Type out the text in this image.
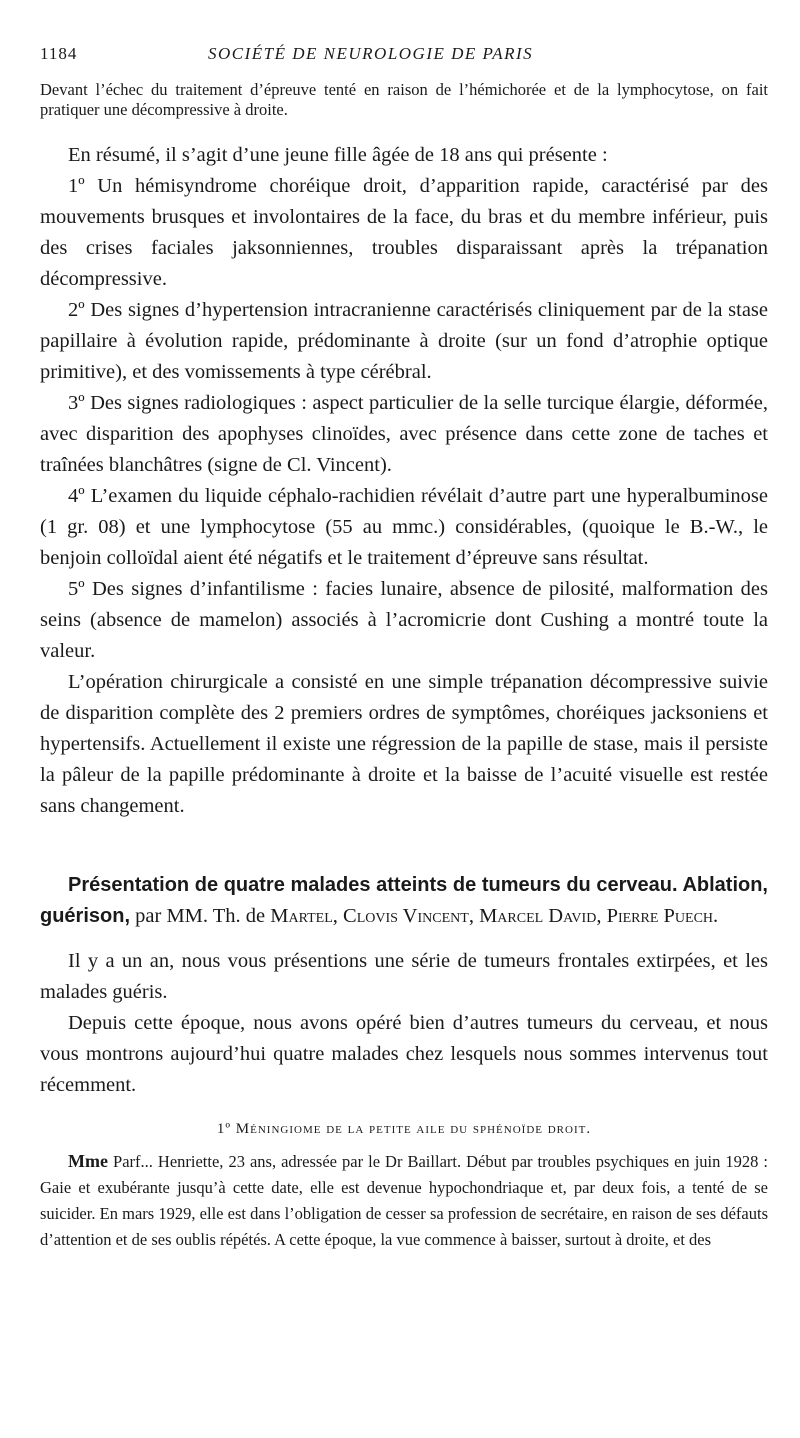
1184	SOCIÉTÉ DE NEUROLOGIE DE PARIS

Devant l’échec du traitement d’épreuve tenté en raison de l’hémichorée et de la lymphocytose, on fait pratiquer une décompressive à droite.

En résumé, il s’agit d’une jeune fille âgée de 18 ans qui présente :

1º Un hémisyndrome choréique droit, d’apparition rapide, caractérisé par des mouvements brusques et involontaires de la face, du bras et du membre inférieur, puis des crises faciales jaksonniennes, troubles disparaissant après la trépanation décompressive.

2º Des signes d’hypertension intracranienne caractérisés cliniquement par de la stase papillaire à évolution rapide, prédominante à droite (sur un fond d’atrophie optique primitive), et des vomissements à type cérébral.

3º Des signes radiologiques : aspect particulier de la selle turcique élargie, déformée, avec disparition des apophyses clinoïdes, avec présence dans cette zone de taches et traînées blanchâtres (signe de Cl. Vincent).

4º L’examen du liquide céphalo-rachidien révélait d’autre part une hyperalbuminose (1 gr. 08) et une lymphocytose (55 au mmc.) considérables, (quoique le B.-W., le benjoin colloïdal aient été négatifs et le traitement d’épreuve sans résultat.

5º Des signes d’infantilisme : facies lunaire, absence de pilosité, malformation des seins (absence de mamelon) associés à l’acromicrie dont Cushing a montré toute la valeur.

L’opération chirurgicale a consisté en une simple trépanation décompressive suivie de disparition complète des 2 premiers ordres de symptômes, choréiques jacksoniens et hypertensifs. Actuellement il existe une régression de la papille de stase, mais il persiste la pâleur de la papille prédominante à droite et la baisse de l’acuité visuelle est restée sans changement.

Présentation de quatre malades atteints de tumeurs du cerveau. Ablation, guérison, par MM. Th. de Martel, Clovis Vincent, Marcel David, Pierre Puech.

Il y a un an, nous vous présentions une série de tumeurs frontales extirpées, et les malades guéris.

Depuis cette époque, nous avons opéré bien d’autres tumeurs du cerveau, et nous vous montrons aujourd’hui quatre malades chez lesquels nous sommes intervenus tout récemment.

1º Méningiome de la petite aile du sphénoïde droit.

Mme Parf... Henriette, 23 ans, adressée par le Dr Baillart. Début par troubles psychiques en juin 1928 : Gaie et exubérante jusqu’à cette date, elle est devenue hypochondriaque et, par deux fois, a tenté de se suicider. En mars 1929, elle est dans l’obligation de cesser sa profession de secrétaire, en raison de ses défauts d’attention et de ses oublis répétés. A cette époque, la vue commence à baisser, surtout à droite, et des
